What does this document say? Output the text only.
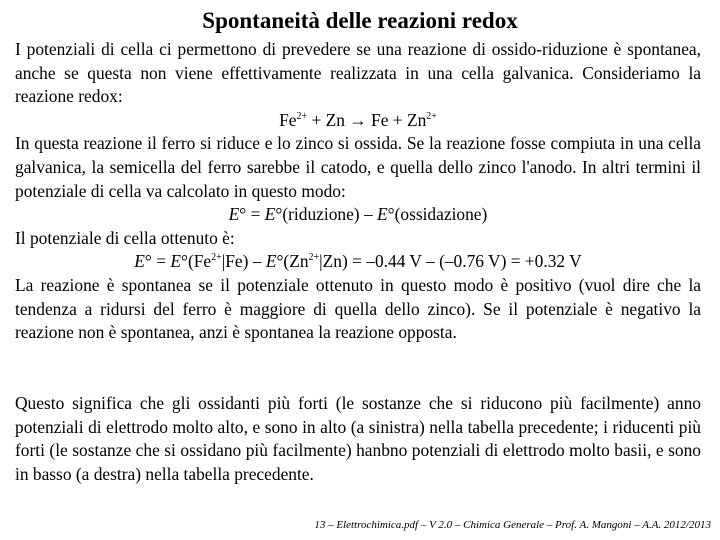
Spontaneità delle reazioni redox
I potenziali di cella ci permettono di prevedere se una reazione di ossido-riduzione è spontanea, anche se questa non viene effettivamente realizzata in una cella galvanica. Consideriamo la reazione redox:
$Fe^{2+} + Zn \to Fe + Zn^{2+}$
In questa reazione il ferro si riduce e lo zinco si ossida. Se la reazione fosse compiuta in una cella galvanica, la semicella del ferro sarebbe il catodo, e quella dello zinco l'anodo. In altri termini il potenziale di cella va calcolato in questo modo:
E° = E°(riduzione) – E°(ossidazione)
Il potenziale di cella ottenuto è:
$E^\circ = E^\circ(Fe^{2+}|Fe) - E^\circ(Zn^{2+}|Zn) = -0.44$ V – (–0.76 V) = +0.32 V
La reazione è spontanea se il potenziale ottenuto in questo modo è positivo (vuol dire che la tendenza a ridursi del ferro è maggiore di quella dello zinco). Se il potenziale è negativo la reazione non è spontanea, anzi è spontanea la reazione opposta.

Questo significa che gli ossidanti più forti (le sostanze che si riducono più facilmente) anno potenziali di elettrodo molto alto, e sono in alto (a sinistra) nella tabella precedente; i riducenti più forti (le sostanze che si ossidano più facilmente) hanbno potenziali di elettrodo molto basii, e sono in basso (a destra) nella tabella precedente.

13 – Elettrochimica.pdf – V 2.0 – Chimica Generale – Prof. A. Mangoni – A.A. 2012/2013
